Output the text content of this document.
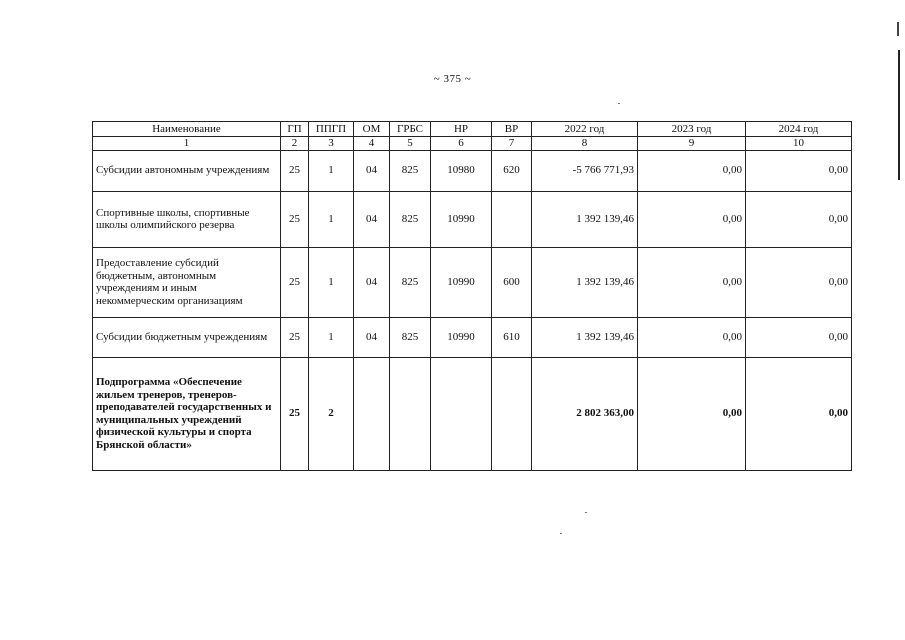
~ 375 ~
Наименование	ГП	ППГП	ОМ	ГРБС	НР	ВР	2022 год	2023 год	2024 год
1	2	3	4	5	6	7	8	9	10
Субсидии автономным учреждениям	25	1	04	825	10980	620	-5 766 771,93	0,00	0,00
Спортивные школы, спортивные школы олимпийского резерва	25	1	04	825	10990		1 392 139,46	0,00	0,00
Предоставление субсидий бюджетным, автономным учреждениям и иным некоммерческим организациям	25	1	04	825	10990	600	1 392 139,46	0,00	0,00
Субсидии бюджетным учреждениям	25	1	04	825	10990	610	1 392 139,46	0,00	0,00
Подпрограмма «Обеспечение жильем тренеров, тренеров-преподавателей государственных и муниципальных учреждений физической культуры и спорта Брянской области»	25	2					2 802 363,00	0,00	0,00
